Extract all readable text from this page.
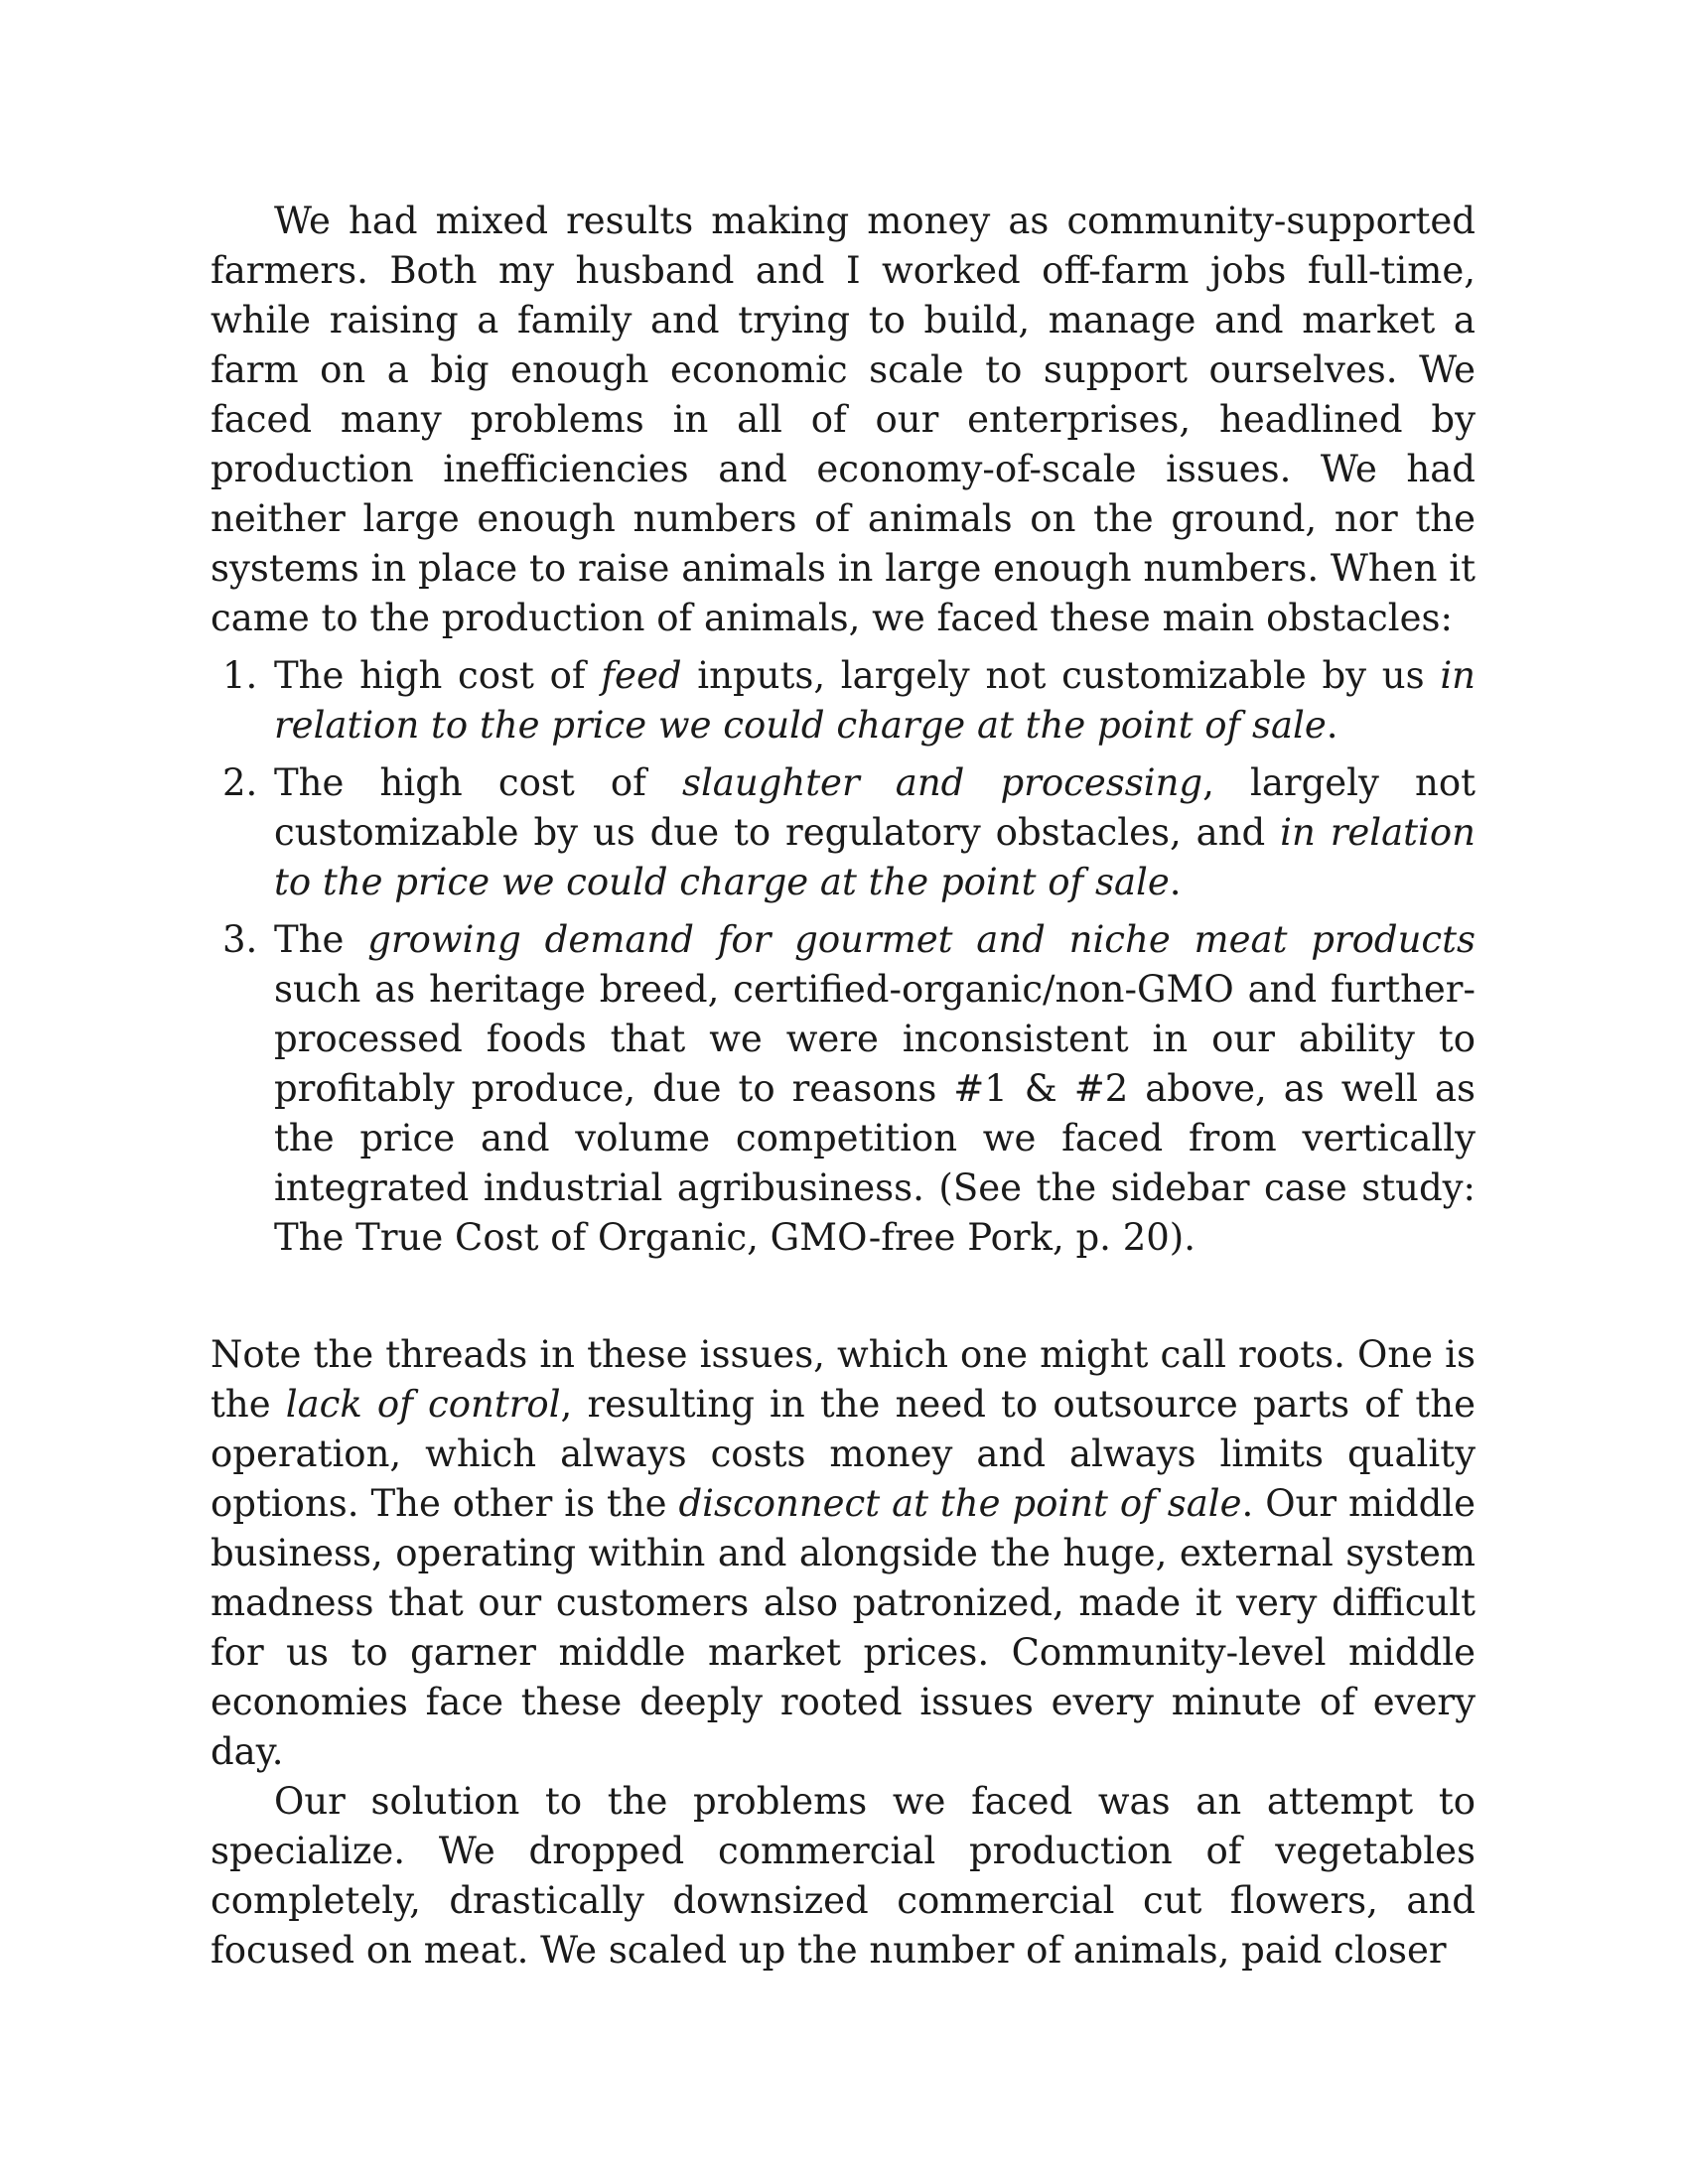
We had mixed results making money as community-supported farmers. Both my husband and I worked off-farm jobs full-time, while raising a family and trying to build, manage and market a farm on a big enough economic scale to support ourselves. We faced many problems in all of our enterprises, headlined by production inefficiencies and economy-of-scale issues. We had neither large enough numbers of animals on the ground, nor the systems in place to raise animals in large enough numbers. When it came to the production of animals, we faced these main obstacles:

1. The high cost of feed inputs, largely not customizable by us in relation to the price we could charge at the point of sale.
2. The high cost of slaughter and processing, largely not customizable by us due to regulatory obstacles, and in relation to the price we could charge at the point of sale.
3. The growing demand for gourmet and niche meat products such as heritage breed, certified-organic/non-GMO and further-processed foods that we were inconsistent in our ability to profitably produce, due to reasons #1 & #2 above, as well as the price and volume competition we faced from vertically integrated industrial agribusiness. (See the sidebar case study: The True Cost of Organic, GMO-free Pork, p. 20).

Note the threads in these issues, which one might call roots. One is the lack of control, resulting in the need to outsource parts of the operation, which always costs money and always limits quality options. The other is the disconnect at the point of sale. Our middle business, operating within and alongside the huge, external system madness that our customers also patronized, made it very difficult for us to garner middle market prices. Community-level middle economies face these deeply rooted issues every minute of every day.

Our solution to the problems we faced was an attempt to specialize. We dropped commercial production of vegetables completely, drastically downsized commercial cut flowers, and focused on meat. We scaled up the number of animals, paid closer
